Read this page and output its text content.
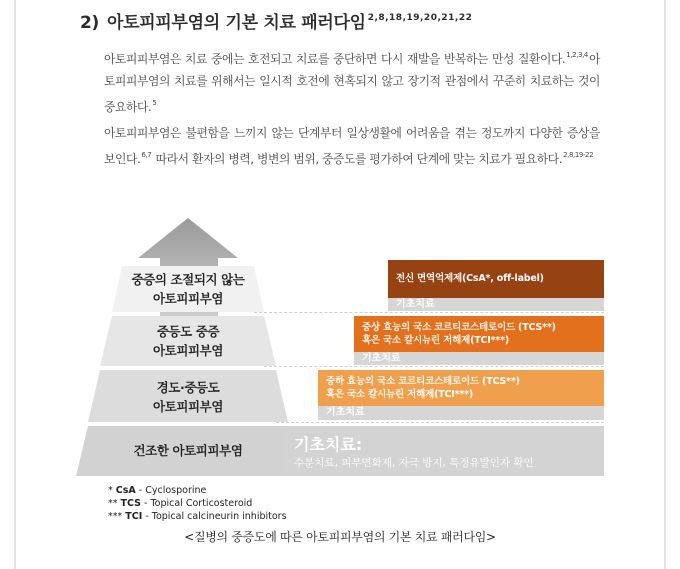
2) 아토피피부염의 기본 치료 패러다임 $^{2,8,18,19,20,21,22}$
아토피피부염은 치료 중에는 호전되고 치료를 중단하면 다시 재발을 반복하는 만성 질환이다.$^{1,2,3,4}$아토피피부염의 치료를 위해서는 일시적 호전에 현혹되지 않고 장기적 관점에서 꾸준히 치료하는 것이 중요하다.$^5$
아토피피부염은 불편함을 느끼지 않는 단계부터 일상생활에 어려움을 겪는 정도까지 다양한 증상을 보인다.$^{6,7}$ 따라서 환자의 병력, 병변의 범위, 중증도를 평가하여 단계에 맞는 치료가 필요하다.$^{2,8,19-22}$
중증의 조절되지 않는
아토피피부염
중등도 중증
아토피피부염
경도·중등도
아토피피부염
건조한 아토피피부염
전신 면역억제제(CsA*, off-label)
기초치료
중상 효능의 국소 코르티코스테로이드 (TCS**)
혹은 국소 칼시뉴린 저해제(TCI***)
기초치료
중하 효능의 국소 코르티코스테로이드 (TCS**)
혹은 국소 칼시뉴린 저해제(TCI***)
기초치료
기초치료:
수분치료, 피부연화제, 자극 방지, 특정유발인자 확인
* CsA - Cyclosporine
** TCS - Topical Corticosteroid
*** TCI - Topical calcineurin inhibitors
<질병의 중증도에 따른 아토피피부염의 기본 치료 패러다임>
